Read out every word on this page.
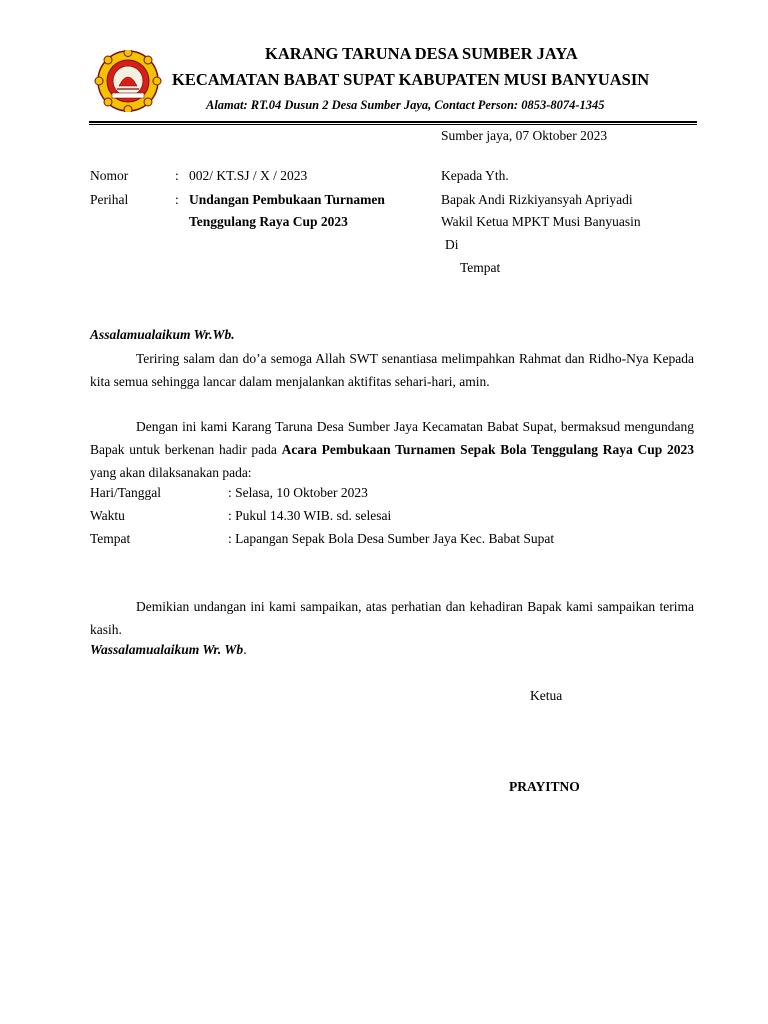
KARANG TARUNA DESA SUMBER JAYA
KECAMATAN BABAT SUPAT KABUPATEN MUSI BANYUASIN
Alamat: RT.04 Dusun 2 Desa Sumber Jaya, Contact Person: 0853-8074-1345
Sumber jaya, 07 Oktober 2023
Nomor	: 002/ KT.SJ / X / 2023
Perihal	: Undangan Pembukaan Turnamen
Tenggulang Raya Cup 2023
Kepada Yth.
Bapak Andi Rizkiyansyah Apriyadi
Wakil Ketua MPKT Musi Banyuasin
Di
Tempat
Assalamualaikum Wr.Wb.
Teriring salam dan do’a semoga Allah SWT senantiasa melimpahkan Rahmat dan Ridho-Nya Kepada kita semua sehingga lancar dalam menjalankan aktifitas sehari-hari, amin.
Dengan ini kami Karang Taruna Desa Sumber Jaya Kecamatan Babat Supat, bermaksud mengundang Bapak untuk berkenan hadir pada Acara Pembukaan Turnamen Sepak Bola Tenggulang Raya Cup 2023 yang akan dilaksanakan pada:
Hari/Tanggal	: Selasa, 10 Oktober 2023
Waktu	: Pukul 14.30 WIB. sd. selesai
Tempat	: Lapangan Sepak Bola Desa Sumber Jaya Kec. Babat Supat
Demikian undangan ini kami sampaikan, atas perhatian dan kehadiran Bapak kami sampaikan terima kasih.
Wassalamualaikum Wr. Wb.
Ketua
PRAYITNO
